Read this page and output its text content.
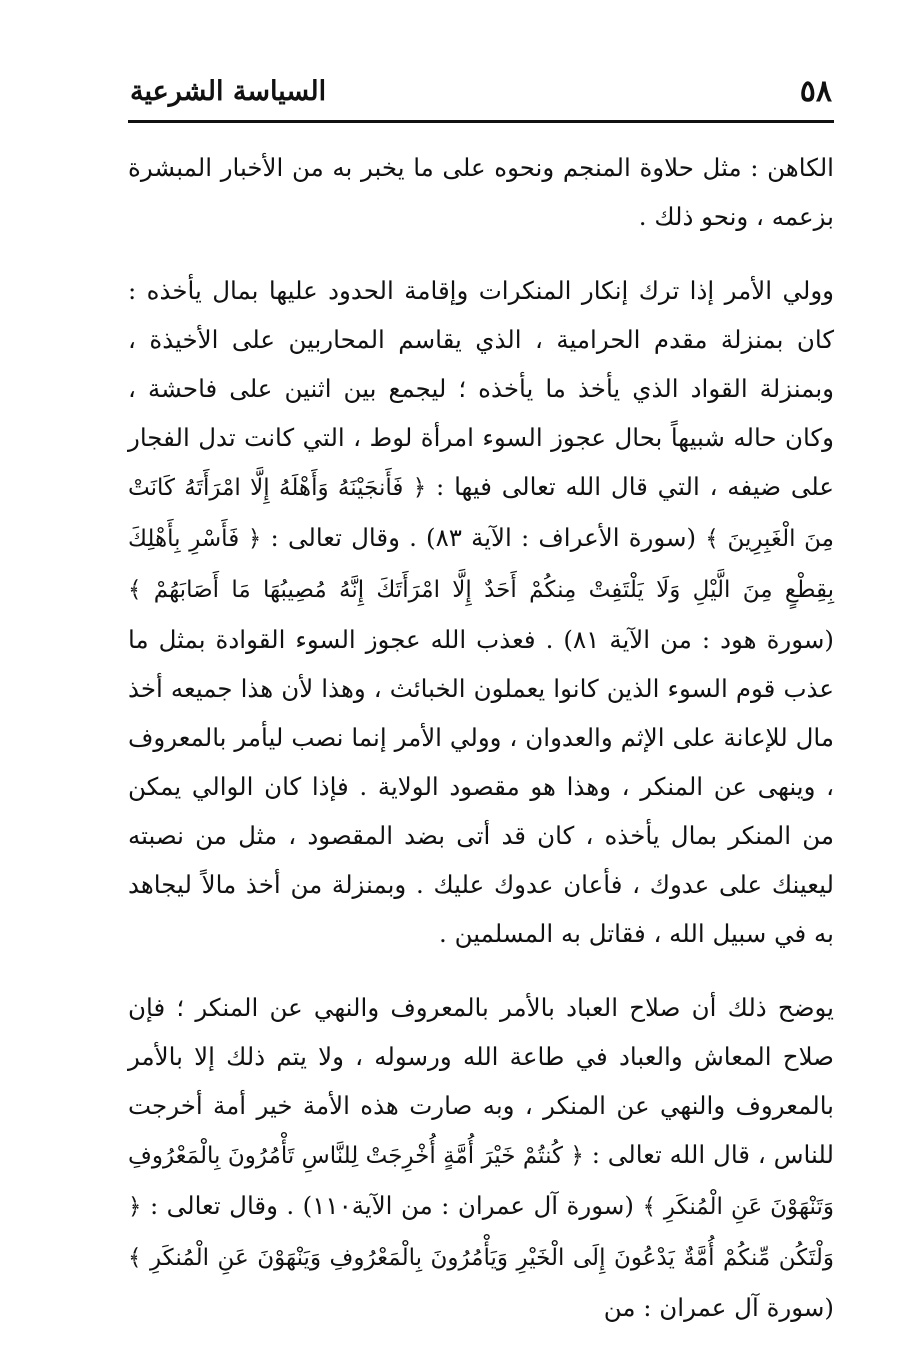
٥٨
السياسة الشرعية

الكاهن : مثل حلاوة المنجم ونحوه على ما يخبر به من الأخبار المبشرة بزعمه ، ونحو ذلك .

وولي الأمر إذا ترك إنكار المنكرات وإقامة الحدود عليها بمال يأخذه : كان بمنزلة مقدم الحرامية ، الذي يقاسم المحاربين على الأخيذة ، وبمنزلة القواد الذي يأخذ ما يأخذه ؛ ليجمع بين اثنين على فاحشة ، وكان حاله شبيهاً بحال عجوز السوء امرأة لوط ، التي كانت تدل الفجار على ضيفه ، التي قال الله تعالى فيها : ﴿ فَأَنجَيْنَهُ وَأَهْلَهُ إِلَّا امْرَأَتَهُ كَانَتْ مِنَ الْغَبِرِينَ ﴾ (سورة الأعراف : الآية ٨٣) . وقال تعالى : ﴿ فَأَسْرِ بِأَهْلِكَ بِقِطْعٍ مِنَ الَّيْلِ وَلَا يَلْتَفِتْ مِنكُمْ أَحَدٌ إِلَّا امْرَأَتَكَ إِنَّهُ مُصِيبُهَا مَا أَصَابَهُمْ ﴾ (سورة هود : من الآية ٨١) . فعذب الله عجوز السوء القوادة بمثل ما عذب قوم السوء الذين كانوا يعملون الخبائث ، وهذا لأن هذا جميعه أخذ مال للإعانة على الإثم والعدوان ، وولي الأمر إنما نصب ليأمر بالمعروف ، وينهى عن المنكر ، وهذا هو مقصود الولاية . فإذا كان الوالي يمكن من المنكر بمال يأخذه ، كان قد أتى بضد المقصود ، مثل من نصبته ليعينك على عدوك ، فأعان عدوك عليك . وبمنزلة من أخذ مالاً ليجاهد به في سبيل الله ، فقاتل به المسلمين .

يوضح ذلك أن صلاح العباد بالأمر بالمعروف والنهي عن المنكر ؛ فإن صلاح المعاش والعباد في طاعة الله ورسوله ، ولا يتم ذلك إلا بالأمر بالمعروف والنهي عن المنكر ، وبه صارت هذه الأمة خير أمة أخرجت للناس ، قال الله تعالى : ﴿ كُنتُمْ خَيْرَ أُمَّةٍ أُخْرِجَتْ لِلنَّاسِ تَأْمُرُونَ بِالْمَعْرُوفِ وَتَنْهَوْنَ عَنِ الْمُنكَرِ ﴾ (سورة آل عمران : من الآية١١٠) . وقال تعالى : ﴿ وَلْتَكُن مِّنكُمْ أُمَّةٌ يَدْعُونَ إِلَى الْخَيْرِ وَيَأْمُرُونَ بِالْمَعْرُوفِ وَيَنْهَوْنَ عَنِ الْمُنكَرِ ﴾ (سورة آل عمران : من
